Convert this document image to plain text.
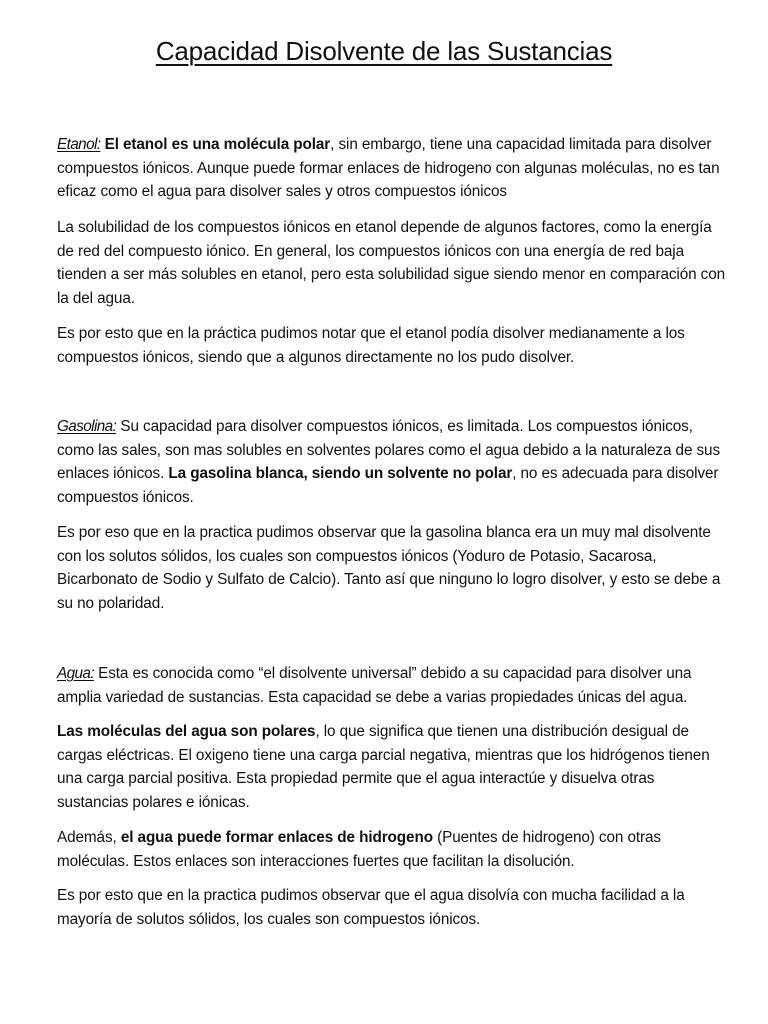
Capacidad Disolvente de las Sustancias

Etanol: El etanol es una molécula polar, sin embargo, tiene una capacidad limitada para disolver compuestos iónicos. Aunque puede formar enlaces de hidrogeno con algunas moléculas, no es tan eficaz como el agua para disolver sales y otros compuestos iónicos

La solubilidad de los compuestos iónicos en etanol depende de algunos factores, como la energía de red del compuesto iónico. En general, los compuestos iónicos con una energía de red baja tienden a ser más solubles en etanol, pero esta solubilidad sigue siendo menor en comparación con la del agua.

Es por esto que en la práctica pudimos notar que el etanol podía disolver medianamente a los compuestos iónicos, siendo que a algunos directamente no los pudo disolver.

Gasolina: Su capacidad para disolver compuestos iónicos, es limitada. Los compuestos iónicos, como las sales, son mas solubles en solventes polares como el agua debido a la naturaleza de sus enlaces iónicos. La gasolina blanca, siendo un solvente no polar, no es adecuada para disolver compuestos iónicos.

Es por eso que en la practica pudimos observar que la gasolina blanca era un muy mal disolvente con los solutos sólidos, los cuales son compuestos iónicos (Yoduro de Potasio, Sacarosa, Bicarbonato de Sodio y Sulfato de Calcio). Tanto así que ninguno lo logro disolver, y esto se debe a su no polaridad.

Agua: Esta es conocida como “el disolvente universal” debido a su capacidad para disolver una amplia variedad de sustancias. Esta capacidad se debe a varias propiedades únicas del agua.

Las moléculas del agua son polares, lo que significa que tienen una distribución desigual de cargas eléctricas. El oxigeno tiene una carga parcial negativa, mientras que los hidrógenos tienen una carga parcial positiva. Esta propiedad permite que el agua interactúe y disuelva otras sustancias polares e iónicas.

Además, el agua puede formar enlaces de hidrogeno (Puentes de hidrogeno) con otras moléculas. Estos enlaces son interacciones fuertes que facilitan la disolución.

Es por esto que en la practica pudimos observar que el agua disolvía con mucha facilidad a la mayoría de solutos sólidos, los cuales son compuestos iónicos.
